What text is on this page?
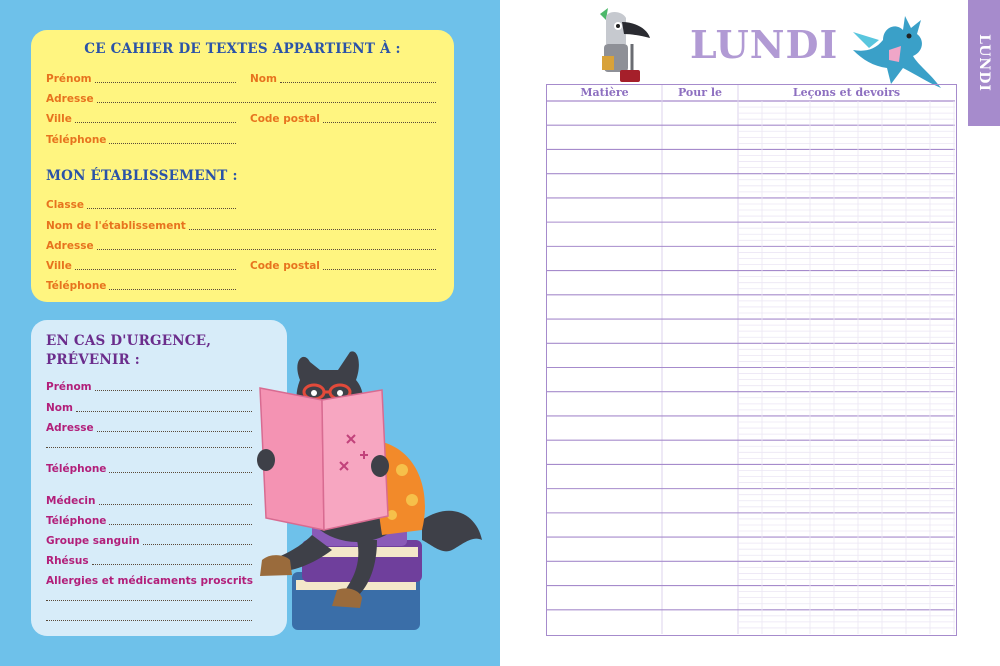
CE CAHIER DE TEXTES APPARTIENT À :
Prénom	Nom
Adresse
Ville	Code postal
Téléphone
MON ÉTABLISSEMENT :
Classe
Nom de l'établissement
Adresse
Ville	Code postal
Téléphone
EN CAS D'URGENCE,
PRÉVENIR :
Prénom
Nom
Adresse
Téléphone
Médecin
Téléphone
Groupe sanguin
Rhésus
Allergies et médicaments proscrits
LUNDI	LUNDI
Matière	Pour le	Leçons et devoirs
